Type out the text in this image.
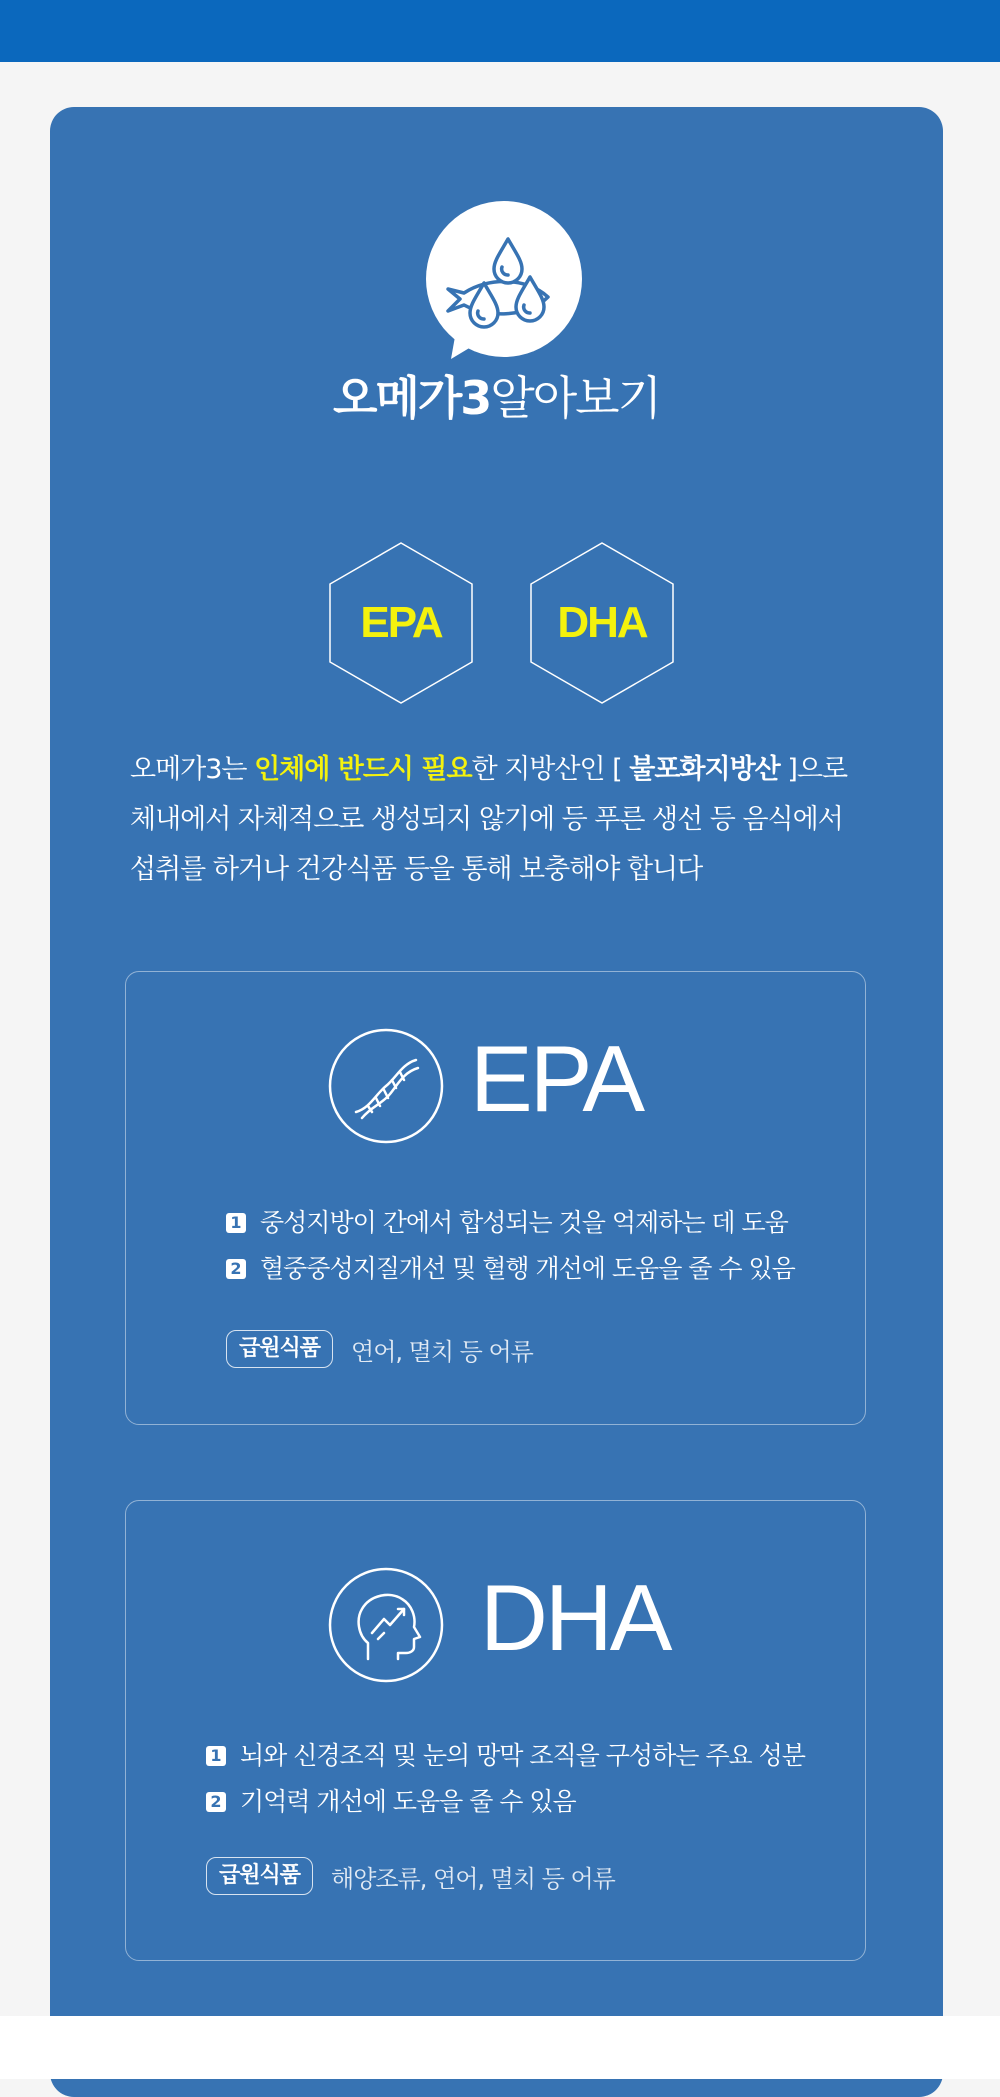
오메가3알아보기
EPA	DHA
오메가3는 인체에 반드시 필요한 지방산인 [ 불포화지방산 ]으로
체내에서 자체적으로 생성되지 않기에 등 푸른 생선 등 음식에서
섭취를 하거나 건강식품 등을 통해 보충해야 합니다
EPA
1 중성지방이 간에서 합성되는 것을 억제하는 데 도움
2 혈중중성지질개선 및 혈행 개선에 도움을 줄 수 있음
급원식품	연어, 멸치 등 어류
DHA
1 뇌와 신경조직 및 눈의 망막 조직을 구성하는 주요 성분
2 기억력 개선에 도움을 줄 수 있음
급원식품	해양조류, 연어, 멸치 등 어류
